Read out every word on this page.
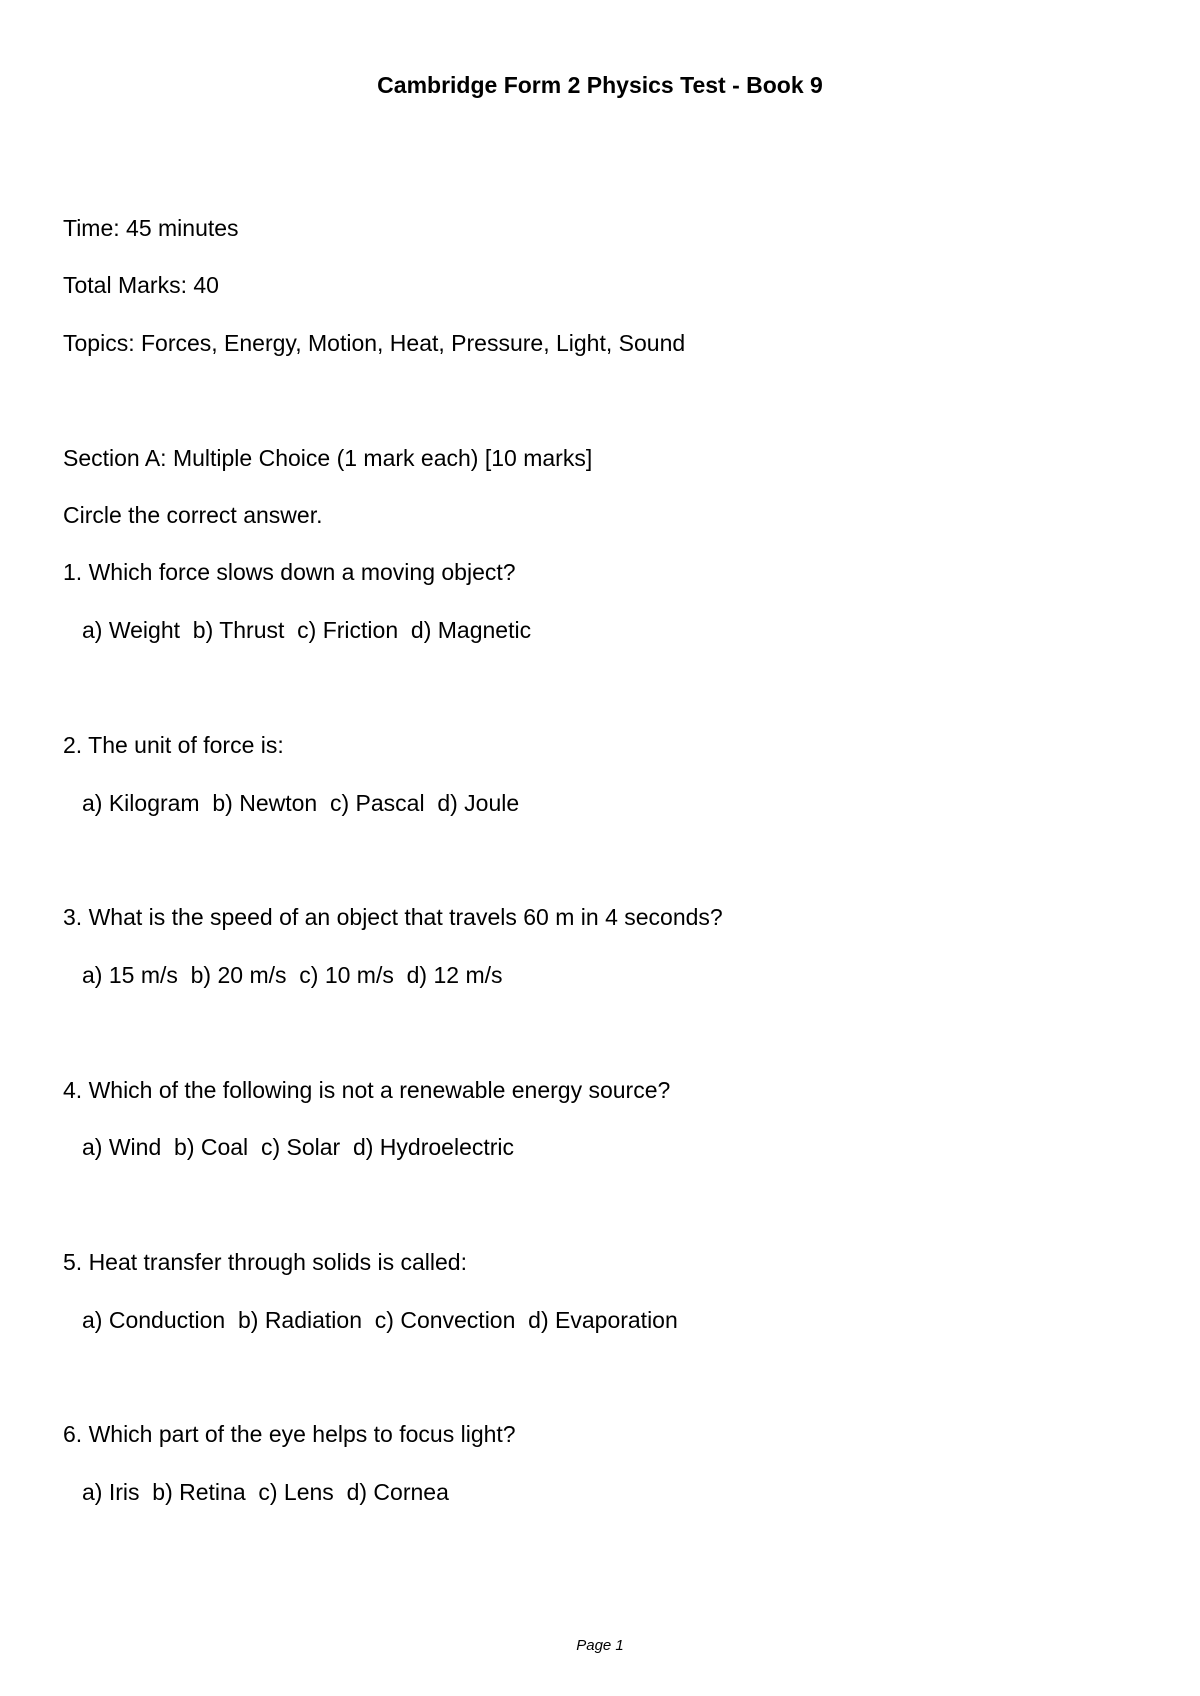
Cambridge Form 2 Physics Test - Book 9
Time: 45 minutes
Total Marks: 40
Topics: Forces, Energy, Motion, Heat, Pressure, Light, Sound
Section A: Multiple Choice (1 mark each) [10 marks]
Circle the correct answer.
1. Which force slows down a moving object?
a) Weight  b) Thrust  c) Friction  d) Magnetic
2. The unit of force is:
a) Kilogram  b) Newton  c) Pascal  d) Joule
3. What is the speed of an object that travels 60 m in 4 seconds?
a) 15 m/s  b) 20 m/s  c) 10 m/s  d) 12 m/s
4. Which of the following is not a renewable energy source?
a) Wind  b) Coal  c) Solar  d) Hydroelectric
5. Heat transfer through solids is called:
a) Conduction  b) Radiation  c) Convection  d) Evaporation
6. Which part of the eye helps to focus light?
a) Iris  b) Retina  c) Lens  d) Cornea
Page 1
